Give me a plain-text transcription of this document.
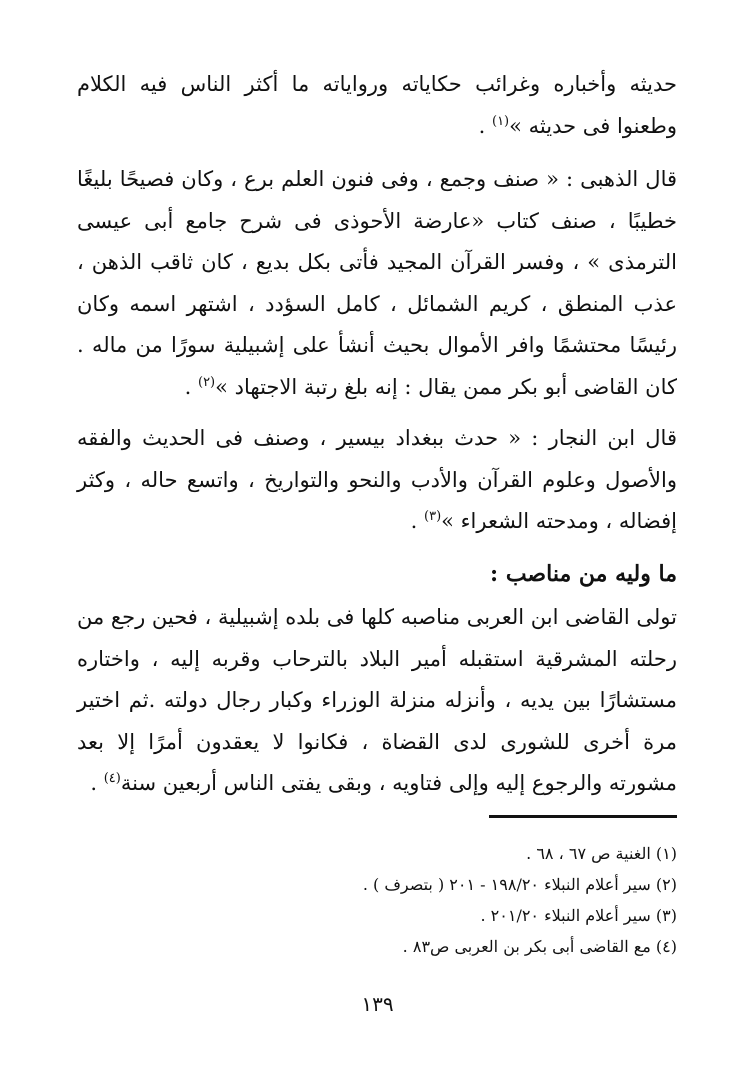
حديثه وأخباره وغرائب حكاياته ورواياته ما أكثر الناس فيه الكلام وطعنوا فى حديثه »$^{(١)}$ .

قال الذهبى : « صنف وجمع ، وفى فنون العلم برع ، وكان فصيحًا بليغًا خطيبًا ، صنف كتاب «عارضة الأحوذى فى شرح جامع أبى عيسى الترمذى » ، وفسر القرآن المجيد فأتى بكل بديع ، كان ثاقب الذهن ، عذب المنطق ، كريم الشمائل ، كامل السؤدد ، اشتهر اسمه وكان رئيسًا محتشمًا وافر الأموال بحيث أنشأ على إشبيلية سورًا من ماله . كان القاضى أبو بكر ممن يقال : إنه بلغ رتبة الاجتهاد »$^{(٢)}$ .

قال ابن النجار : « حدث ببغداد بيسير ، وصنف فى الحديث والفقه والأصول وعلوم القرآن والأدب والنحو والتواريخ ، واتسع حاله ، وكثر إفضاله ، ومدحته الشعراء »$^{(٣)}$ .

ما وليه من مناصب :

تولى القاضى ابن العربى مناصبه كلها فى بلده إشبيلية ، فحين رجع من رحلته المشرقية استقبله أمير البلاد بالترحاب وقربه إليه ، واختاره مستشارًا بين يديه ، وأنزله منزلة الوزراء وكبار رجال دولته .ثم اختير مرة أخرى للشورى لدى القضاة ، فكانوا لا يعقدون أمرًا إلا بعد مشورته والرجوع إليه وإلى فتاويه ، وبقى يفتى الناس أربعين سنة$^{(٤)}$ .

(١) الغنية ص ٦٧ ، ٦٨ .
(٢) سير أعلام النبلاء ١٩٨/٢٠ - ٢٠١ ( بتصرف ) .
(٣) سير أعلام النبلاء ٢٠١/٢٠ .
(٤) مع القاضى أبى بكر بن العربى ص٨٣ .
١٣٩
